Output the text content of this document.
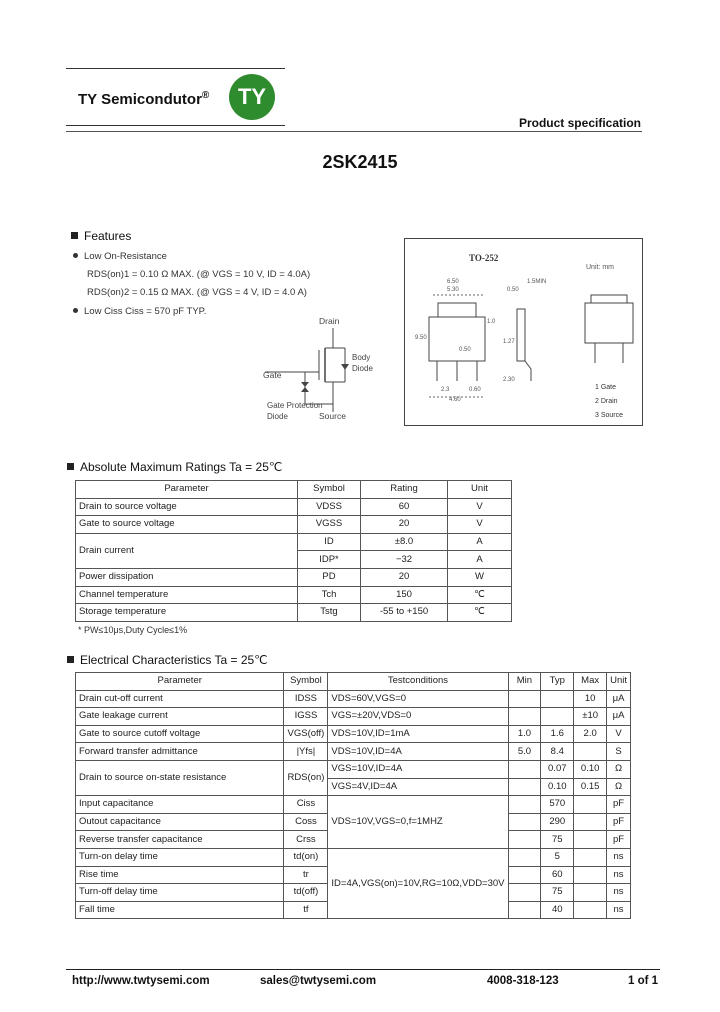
TY Semicondutor®	TY
Product specification
2SK2415
Features
Low On-Resistance
RDS(on)1 = 0.10 Ω MAX. (@ VGS = 10 V, ID = 4.0A)
RDS(on)2 = 0.15 Ω MAX. (@ VGS = 4 V, ID = 4.0 A)
Low Ciss Ciss = 570 pF TYP.
Drain
Body
Diode
Gate
Gate Protection
Diode	Source
TO-252
Unit: mm
6.50
5.30
1.5MIN
0.50
2.3	0.60
4.60
9.50
1.0
1.27
0.50
2.30
1 Gate
2 Drain
3 Source
Absolute Maximum Ratings Ta = 25℃
Parameter	Symbol	Rating	Unit
Drain to source voltage	VDSS	60	V
Gate to source voltage	VGSS	20	V
Drain current	ID	±8.0	A
	IDP*	−32	A
Power dissipation	PD	20	W
Channel temperature	Tch	150	℃
Storage temperature	Tstg	-55 to +150	℃
* PW≤10μs,Duty Cycle≤1%
Electrical Characteristics Ta = 25℃
Parameter	Symbol	Testconditions	Min	Typ	Max	Unit
Drain cut-off current	IDSS	VDS=60V,VGS=0			10	μA
Gate leakage current	IGSS	VGS=±20V,VDS=0			±10	μA
Gate to source cutoff voltage	VGS(off)	VDS=10V,ID=1mA	1.0	1.6	2.0	V
Forward transfer admittance	|Yfs|	VDS=10V,ID=4A	5.0	8.4		S
Drain to source on-state resistance	RDS(on)	VGS=10V,ID=4A		0.07	0.10	Ω
		VGS=4V,ID=4A		0.10	0.15	Ω
Input capacitance	Ciss	VDS=10V,VGS=0,f=1MHZ		570		pF
Outout capacitance	Coss			290		pF
Reverse transfer capacitance	Crss			75		pF
Turn-on delay time	td(on)	ID=4A,VGS(on)=10V,RG=10Ω,VDD=30V		5		ns
Rise time	tr			60		ns
Turn-off delay time	td(off)			75		ns
Fall time	tf			40		ns
http://www.twtysemi.com	sales@twtysemi.com	4008-318-123	1 of 1
